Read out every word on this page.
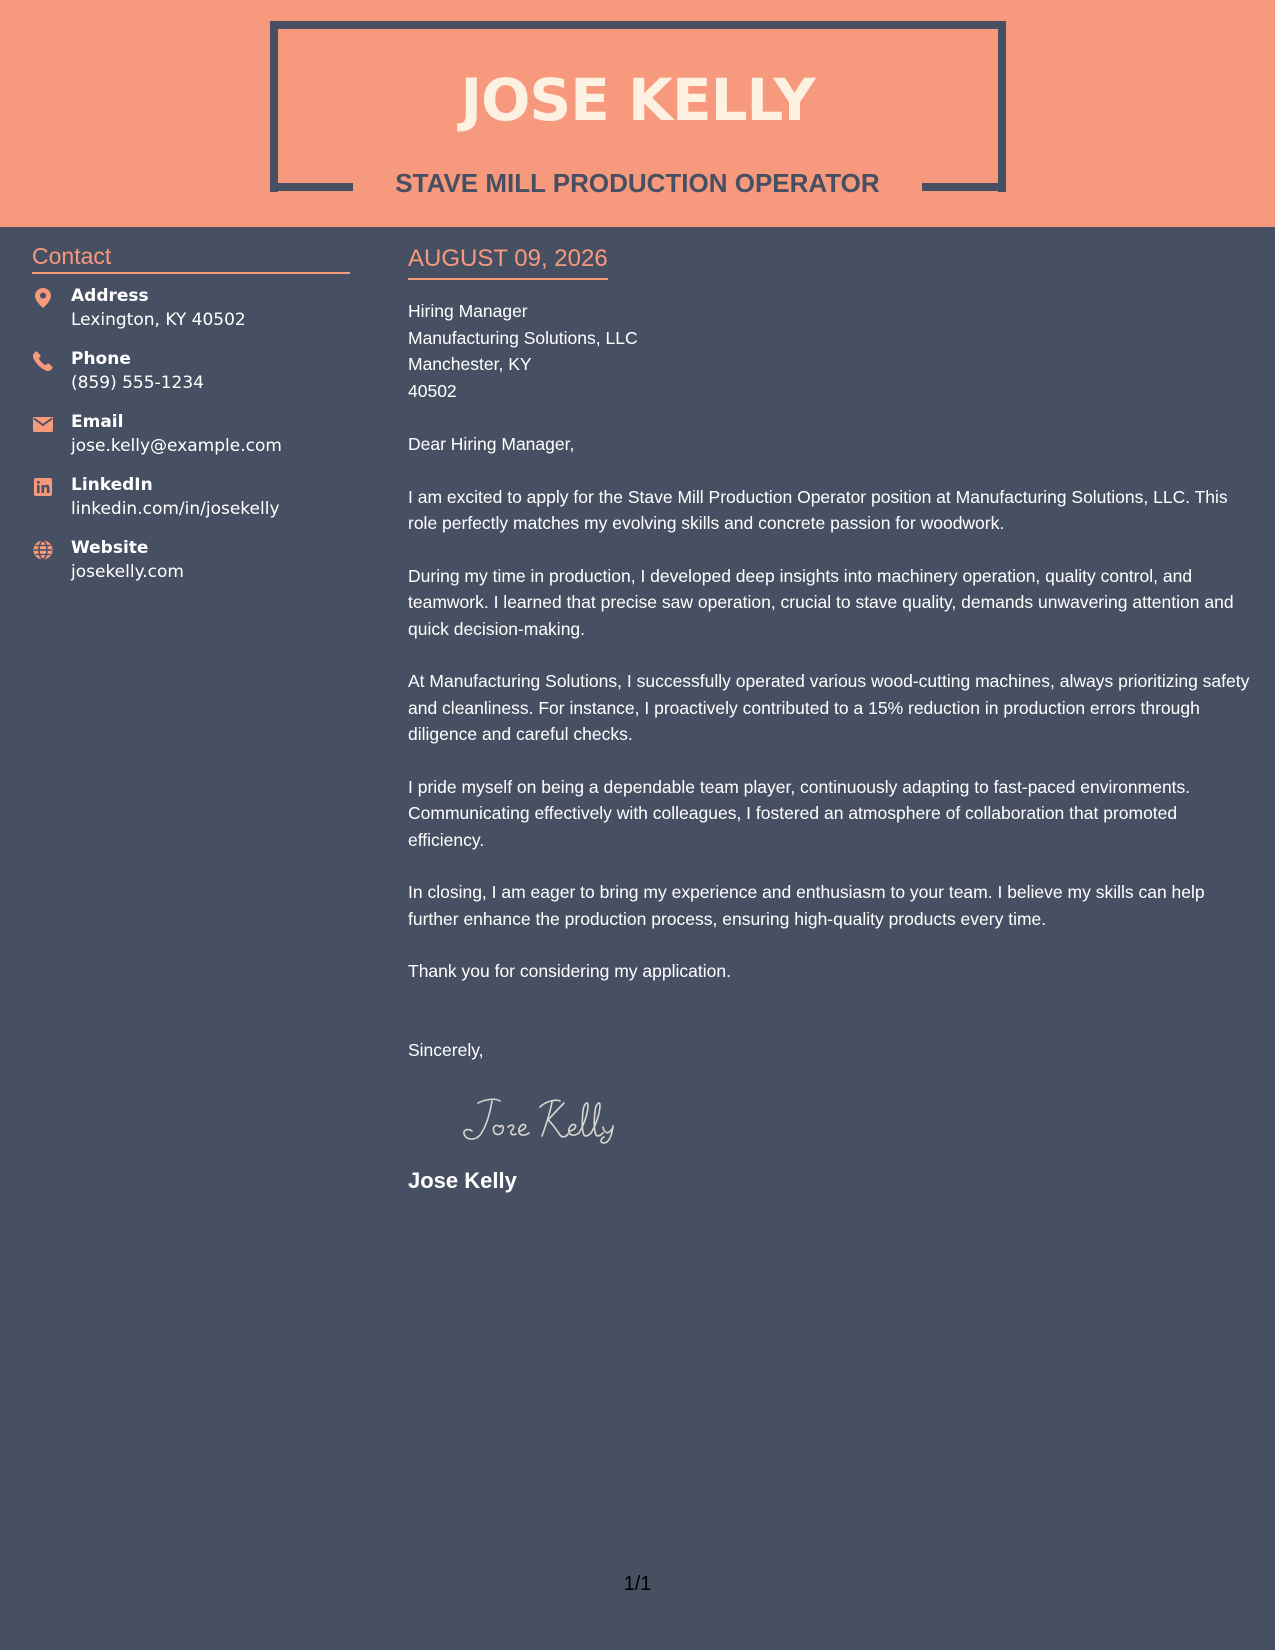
JOSE KELLY
STAVE MILL PRODUCTION OPERATOR
Contact
Address
Lexington, KY 40502
Phone
(859) 555-1234
Email
jose.kelly@example.com
LinkedIn
linkedin.com/in/josekelly
Website
josekelly.com
AUGUST 09, 2026
Hiring Manager
Manufacturing Solutions, LLC
Manchester, KY
40502
Dear Hiring Manager,
I am excited to apply for the Stave Mill Production Operator position at Manufacturing Solutions, LLC. This role perfectly matches my evolving skills and concrete passion for woodwork.
During my time in production, I developed deep insights into machinery operation, quality control, and teamwork. I learned that precise saw operation, crucial to stave quality, demands unwavering attention and quick decision-making.
At Manufacturing Solutions, I successfully operated various wood-cutting machines, always prioritizing safety and cleanliness. For instance, I proactively contributed to a 15% reduction in production errors through diligence and careful checks.
I pride myself on being a dependable team player, continuously adapting to fast-paced environments. Communicating effectively with colleagues, I fostered an atmosphere of collaboration that promoted efficiency.
In closing, I am eager to bring my experience and enthusiasm to your team. I believe my skills can help further enhance the production process, ensuring high-quality products every time.
Thank you for considering my application.
Sincerely,
Jose Kelly
1/1
